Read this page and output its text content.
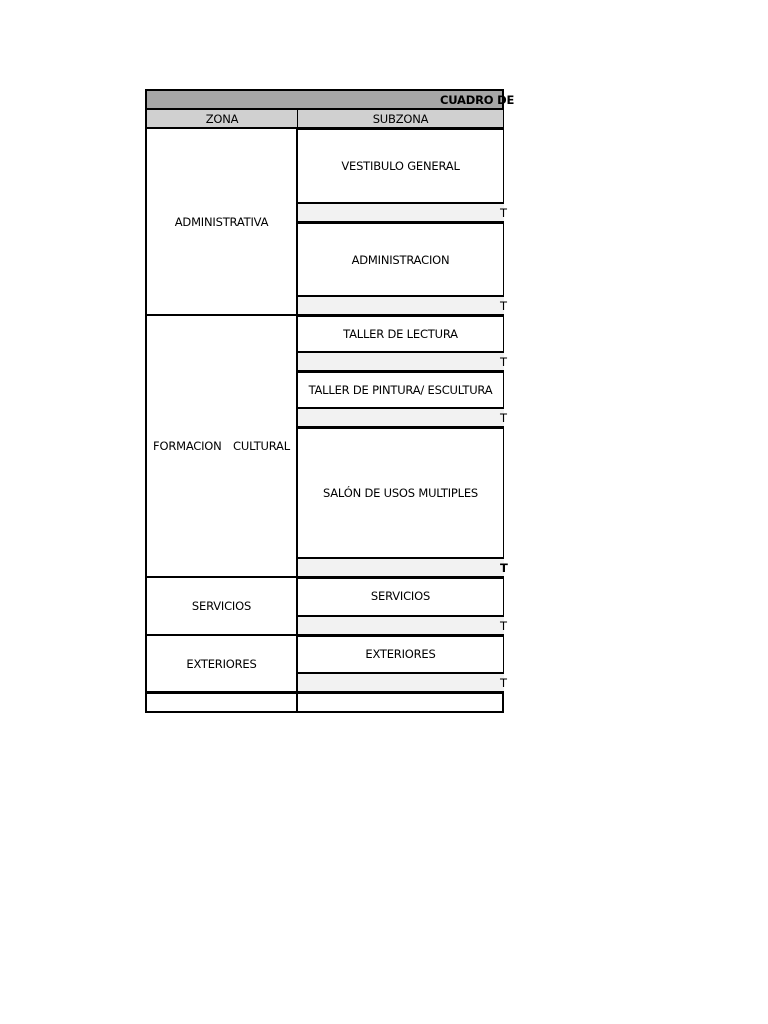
CUADRO DE
ZONA	SUBZONA
ADMINISTRATIVA
FORMACION CULTURAL
SERVICIOS
EXTERIORES
VESTIBULO GENERAL
T
ADMINISTRACION
T
TALLER DE LECTURA
T
TALLER DE PINTURA/ ESCULTURA
T
SALÓN DE USOS MULTIPLES
T
SERVICIOS
T
EXTERIORES
T
